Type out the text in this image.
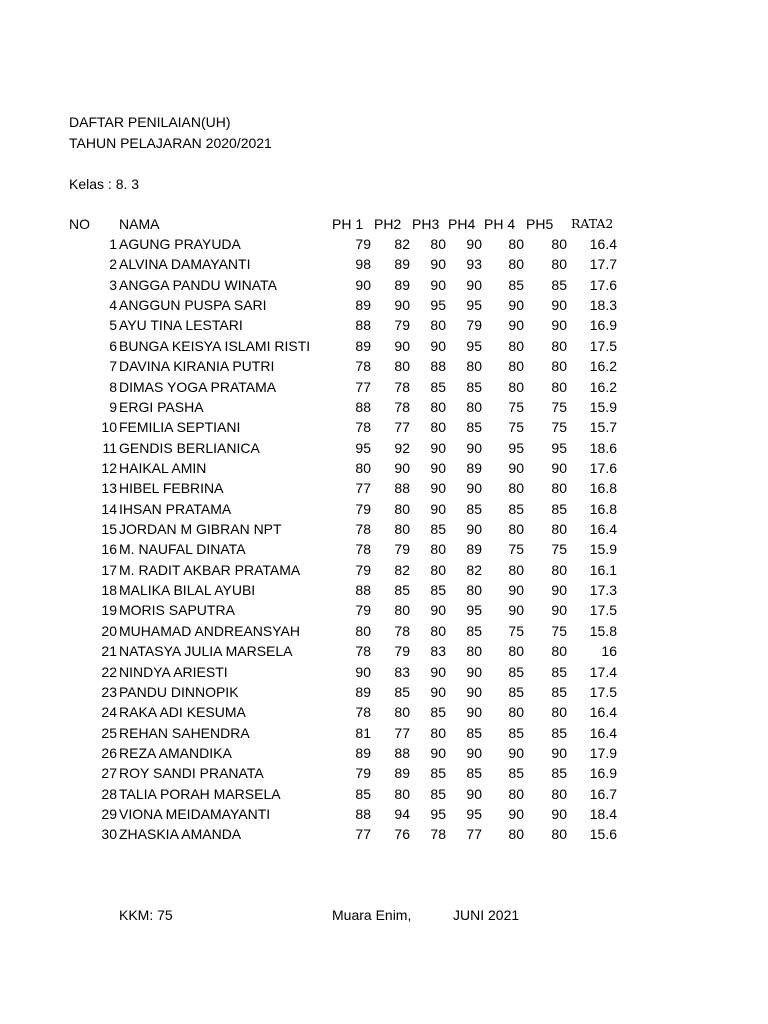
DAFTAR PENILAIAN(UH)
TAHUN PELAJARAN 2020/2021
Kelas : 8. 3
NO NAMA	PH 1 PH2 PH3 PH4 PH 4 PH5 RATA2
1 AGUNG PRAYUDA	79	82	80	90	80	80	16.4
2 ALVINA DAMAYANTI	98	89	90	93	80	80	17.7
3 ANGGA PANDU WINATA	90	89	90	90	85	85	17.6
4 ANGGUN PUSPA SARI	89	90	95	95	90	90	18.3
5 AYU TINA LESTARI	88	79	80	79	90	90	16.9
6 BUNGA KEISYA ISLAMI RISTI	89	90	90	95	80	80	17.5
7 DAVINA KIRANIA PUTRI	78	80	88	80	80	80	16.2
8 DIMAS YOGA PRATAMA	77	78	85	85	80	80	16.2
9 ERGI PASHA	88	78	80	80	75	75	15.9
10 FEMILIA SEPTIANI	78	77	80	85	75	75	15.7
11 GENDIS BERLIANICA	95	92	90	90	95	95	18.6
12 HAIKAL AMIN	80	90	90	89	90	90	17.6
13 HIBEL FEBRINA	77	88	90	90	80	80	16.8
14 IHSAN PRATAMA	79	80	90	85	85	85	16.8
15 JORDAN M GIBRAN NPT	78	80	85	90	80	80	16.4
16 M. NAUFAL DINATA	78	79	80	89	75	75	15.9
17 M. RADIT AKBAR PRATAMA	79	82	80	82	80	80	16.1
18 MALIKA BILAL AYUBI	88	85	85	80	90	90	17.3
19 MORIS SAPUTRA	79	80	90	95	90	90	17.5
20 MUHAMAD ANDREANSYAH	80	78	80	85	75	75	15.8
21 NATASYA JULIA MARSELA	78	79	83	80	80	80	16
22 NINDYA ARIESTI	90	83	90	90	85	85	17.4
23 PANDU DINNOPIK	89	85	90	90	85	85	17.5
24 RAKA ADI KESUMA	78	80	85	90	80	80	16.4
25 REHAN SAHENDRA	81	77	80	85	85	85	16.4
26 REZA AMANDIKA	89	88	90	90	90	90	17.9
27 ROY SANDI PRANATA	79	89	85	85	85	85	16.9
28 TALIA PORAH MARSELA	85	80	85	90	80	80	16.7
29 VIONA MEIDAMAYANTI	88	94	95	95	90	90	18.4
30 ZHASKIA AMANDA	77	76	78	77	80	80	15.6
KKM: 75	Muara Enim,	JUNI 2021
